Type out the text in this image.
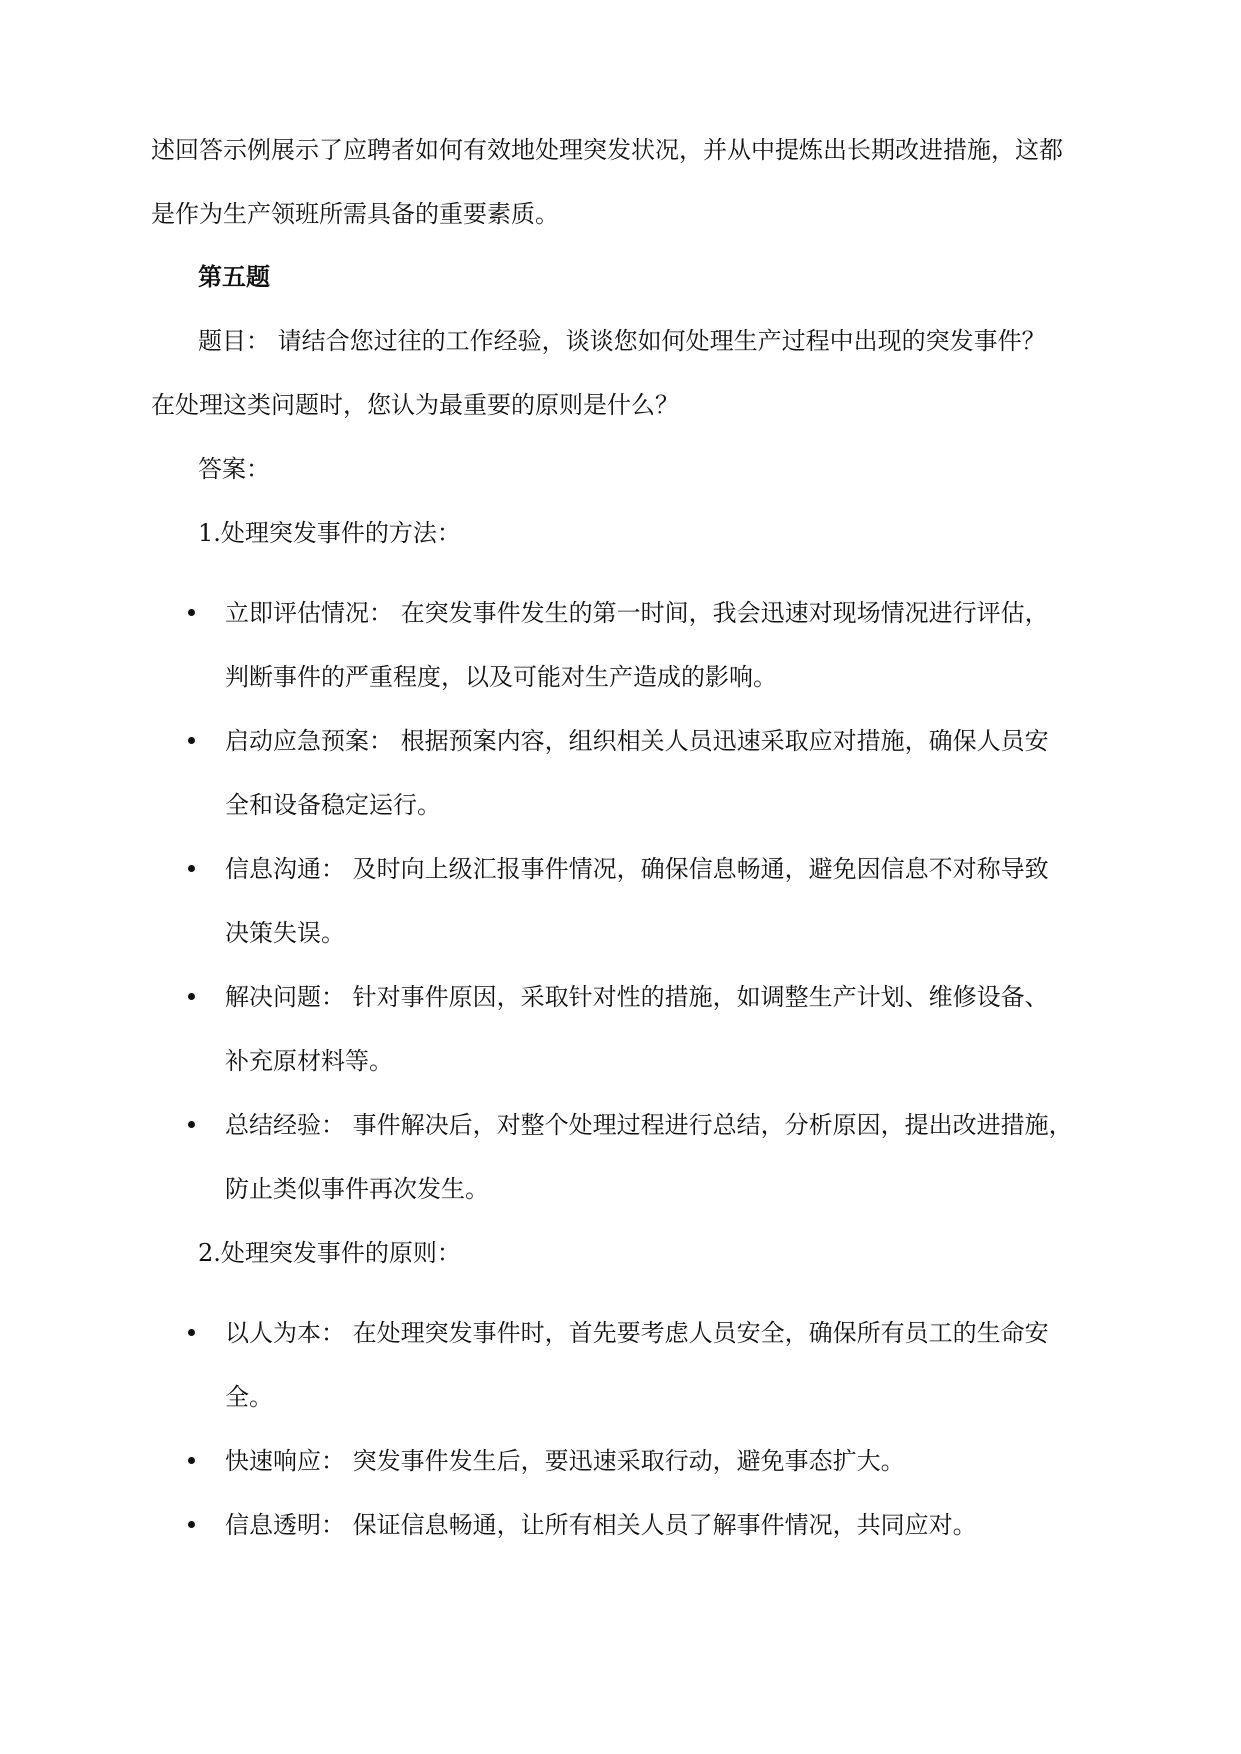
述回答示例展示了应聘者如何有效地处理突发状况，并从中提炼出长期改进措施，这都
是作为生产领班所需具备的重要素质。
第五题
题目： 请结合您过往的工作经验，谈谈您如何处理生产过程中出现的突发事件？
在处理这类问题时，您认为最重要的原则是什么？
答案：
1.处理突发事件的方法：
立即评估情况： 在突发事件发生的第一时间，我会迅速对现场情况进行评估，
判断事件的严重程度，以及可能对生产造成的影响。
启动应急预案： 根据预案内容，组织相关人员迅速采取应对措施，确保人员安
全和设备稳定运行。
信息沟通： 及时向上级汇报事件情况，确保信息畅通，避免因信息不对称导致
决策失误。
解决问题： 针对事件原因，采取针对性的措施，如调整生产计划、维修设备、
补充原材料等。
总结经验： 事件解决后，对整个处理过程进行总结，分析原因，提出改进措施，
防止类似事件再次发生。
2.处理突发事件的原则：
以人为本： 在处理突发事件时，首先要考虑人员安全，确保所有员工的生命安
全。
快速响应： 突发事件发生后，要迅速采取行动，避免事态扩大。
信息透明： 保证信息畅通，让所有相关人员了解事件情况，共同应对。
